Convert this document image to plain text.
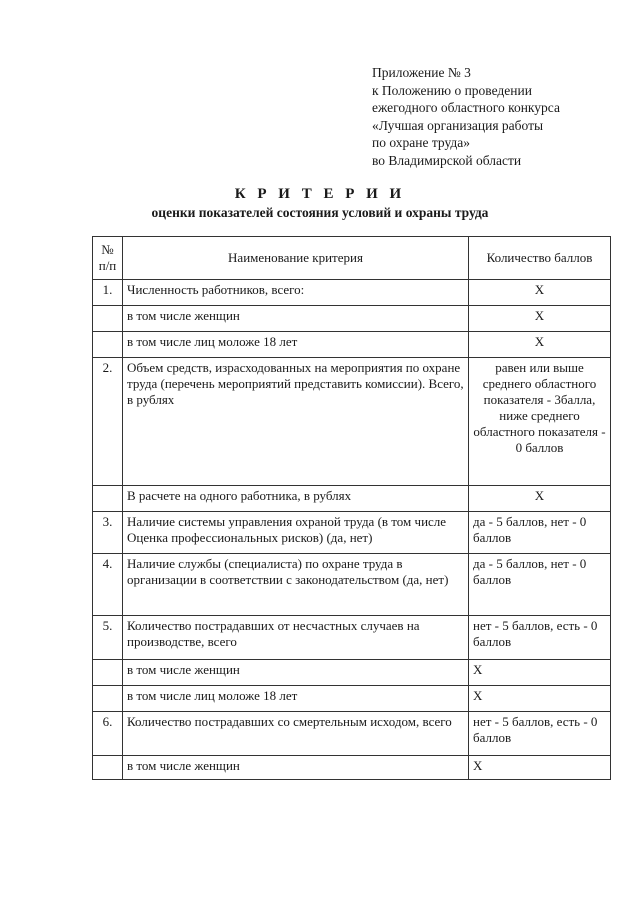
Приложение № 3
к Положению о проведении
ежегодного областного конкурса
«Лучшая организация работы
по охране труда»
во Владимирской области
К Р И Т Е Р И И
оценки показателей состояния условий и охраны труда
№ п/п	Наименование критерия	Количество баллов
1.	Численность работников, всего:	X
	в том числе женщин	X
	в том числе лиц моложе 18 лет	X
2.	Объем средств, израсходованных на мероприятия по охране труда (перечень мероприятий представить комиссии). Всего, в рублях	равен или выше среднего областного показателя - 3балла, ниже среднего областного показателя - 0 баллов
	В расчете на одного работника, в рублях	X
3.	Наличие системы управления охраной труда (в том числе Оценка профессиональных рисков) (да, нет)	да - 5 баллов, нет - 0 баллов
4.	Наличие службы (специалиста) по охране труда в организации в соответствии с законодательством (да, нет)	да - 5 баллов, нет - 0 баллов
5.	Количество пострадавших от несчастных случаев на производстве, всего	нет - 5 баллов, есть - 0 баллов
	в том числе женщин	X
	в том числе лиц моложе 18 лет	X
6.	Количество пострадавших со смертельным исходом, всего	нет - 5 баллов, есть - 0 баллов
	в том числе женщин	X
